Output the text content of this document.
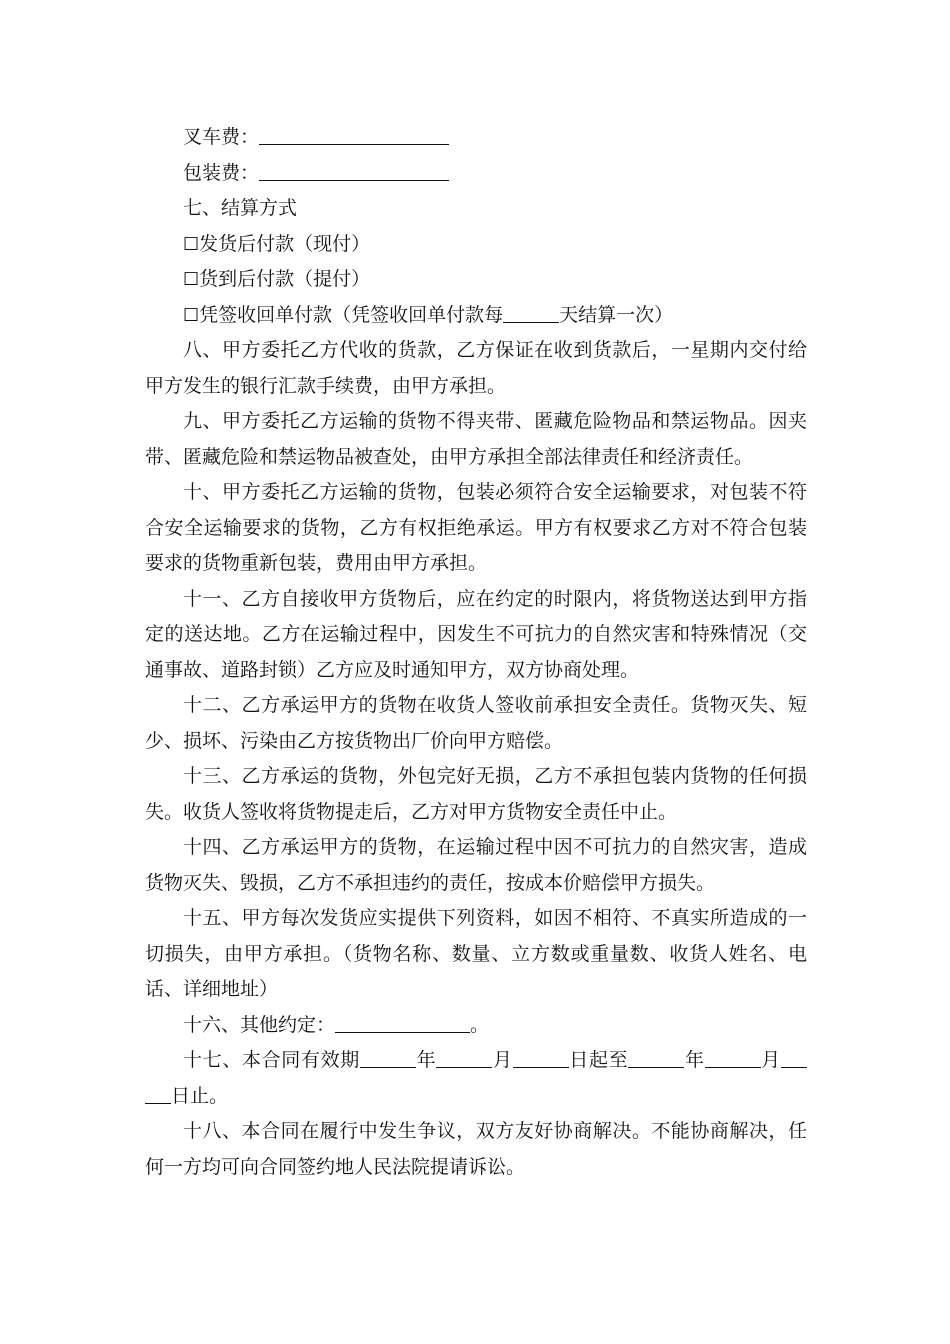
叉车费：

包装费：

七、结算方式

☐发货后付款（现付）

☐货到后付款（提付）

☐凭签收回单付款（凭签收回单付款每	天结算一次）

八、甲方委托乙方代收的货款，乙方保证在收到货款后，一星期内交付给甲方发生的银行汇款手续费，由甲方承担。

九、甲方委托乙方运输的货物不得夹带、匿藏危险物品和禁运物品。因夹带、匿藏危险和禁运物品被查处，由甲方承担全部法律责任和经济责任。

十、甲方委托乙方运输的货物，包装必须符合安全运输要求，对包装不符合安全运输要求的货物，乙方有权拒绝承运。甲方有权要求乙方对不符合包装要求的货物重新包装，费用由甲方承担。

十一、乙方自接收甲方货物后，应在约定的时限内，将货物送达到甲方指定的送达地。乙方在运输过程中，因发生不可抗力的自然灾害和特殊情况（交通事故、道路封锁）乙方应及时通知甲方，双方协商处理。

十二、乙方承运甲方的货物在收货人签收前承担安全责任。货物灭失、短少、损坏、污染由乙方按货物出厂价向甲方赔偿。

十三、乙方承运的货物，外包完好无损，乙方不承担包装内货物的任何损失。收货人签收将货物提走后，乙方对甲方货物安全责任中止。

十四、乙方承运甲方的货物，在运输过程中因不可抗力的自然灾害，造成货物灭失、毁损，乙方不承担违约的责任，按成本价赔偿甲方损失。

十五、甲方每次发货应实提供下列资料，如因不相符、不真实所造成的一切损失，由甲方承担。（货物名称、数量、立方数或重量数、收货人姓名、电话、详细地址）

十六、其他约定：	。

十七、本合同有效期	年	月	日起至	年	月日止。

十八、本合同在履行中发生争议，双方友好协商解决。不能协商解决，任何一方均可向合同签约地人民法院提请诉讼。
